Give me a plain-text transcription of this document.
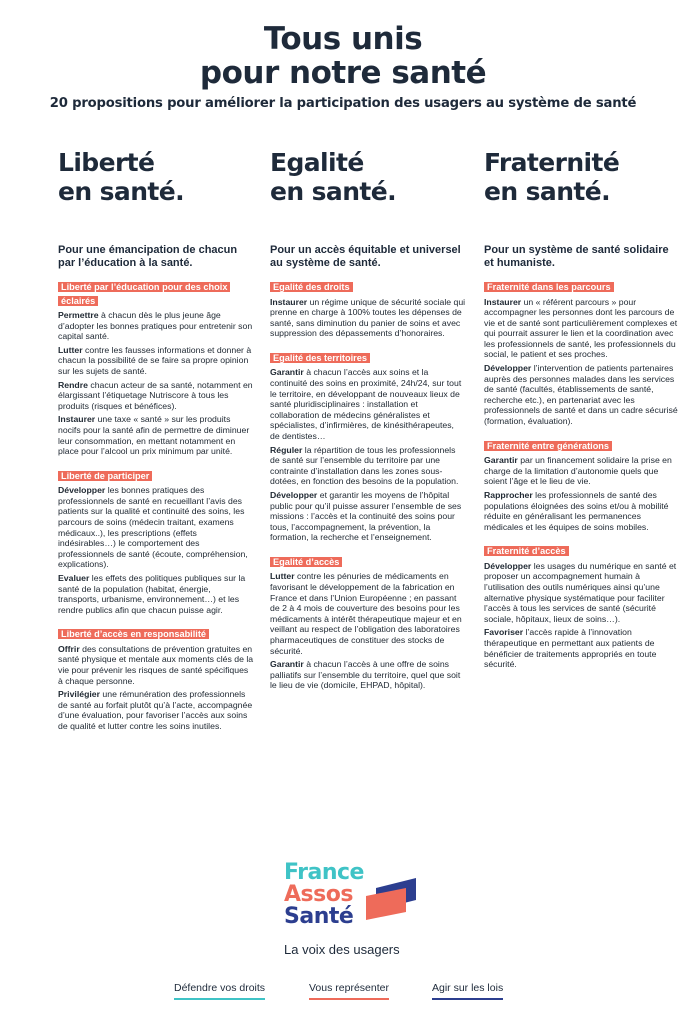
Tous unis
pour notre santé
20 propositions pour améliorer la participation des usagers au système de santé
Liberté
en santé.
Pour une émancipation de chacun par l’éducation à la santé.
Liberté par l’éducation pour des choix éclairés
Permettre à chacun dès le plus jeune âge d’adopter les bonnes pratiques pour entretenir son capital santé.
Lutter contre les fausses informations et donner à chacun la possibilité de se faire sa propre opinion sur les sujets de santé.
Rendre chacun acteur de sa santé, notamment en élargissant l’étiquetage Nutriscore à tous les produits (risques et bénéfices).
Instaurer une taxe « santé » sur les produits nocifs pour la santé afin de permettre de diminuer leur consommation, en mettant notamment en place pour l’alcool un prix minimum par unité.
Liberté de participer
Développer les bonnes pratiques des professionnels de santé en recueillant l’avis des patients sur la qualité et continuité des soins, les parcours de soins (médecin traitant, examens médicaux..), les prescriptions (effets indésirables…) le comportement des professionnels de santé (écoute, compréhension, explications).
Evaluer les effets des politiques publiques sur la santé de la population (habitat, énergie, transports, urbanisme, environnement…) et les rendre publics afin que chacun puisse agir.
Liberté d’accès en responsabilité
Offrir des consultations de prévention gratuites en santé physique et mentale aux moments clés de la vie pour prévenir les risques de santé spécifiques à chaque personne.
Privilégier une rémunération des professionnels de santé au forfait plutôt qu’à l’acte, accompagnée d’une évaluation, pour favoriser l’accès aux soins de qualité et lutter contre les soins inutiles.
Egalité
en santé.
Pour un accès équitable et universel au système de santé.
Egalité des droits
Instaurer un régime unique de sécurité sociale qui prenne en charge à 100% toutes les dépenses de santé, sans diminution du panier de soins et avec suppression des dépassements d’honoraires.
Egalité des territoires
Garantir à chacun l’accès aux soins et la continuité des soins en proximité, 24h/24, sur tout le territoire, en développant de nouveaux lieux de santé pluridisciplinaires : installation et collaboration de médecins généralistes et spécialistes, d’infirmières, de kinésithérapeutes, de dentistes…
Réguler la répartition de tous les professionnels de santé sur l’ensemble du territoire par une contrainte d’installation dans les zones sous-dotées, en fonction des besoins de la population.
Développer et garantir les moyens de l’hôpital public pour qu’il puisse assurer l’ensemble de ses missions : l’accès et la continuité des soins pour tous, l’accompagnement, la prévention, la formation, la recherche et l’enseignement.
Egalité d’accès
Lutter contre les pénuries de médicaments en favorisant le développement de la fabrication en France et dans l’Union Européenne ; en passant de 2 à 4 mois de couverture des besoins pour les médicaments à intérêt thérapeutique majeur et en veillant au respect de l’obligation des laboratoires pharmaceutiques de constituer des stocks de sécurité.
Garantir à chacun l’accès à une offre de soins palliatifs sur l’ensemble du territoire, quel que soit le lieu de vie (domicile, EHPAD, hôpital).
Fraternité
en santé.
Pour un système de santé solidaire et humaniste.
Fraternité dans les parcours
Instaurer un « référent parcours » pour accompagner les personnes dont les parcours de vie et de santé sont particulièrement complexes et qui pourrait assurer le lien et la coordination avec les professionnels de santé, les professionnels du social, le patient et ses proches.
Développer l’intervention de patients partenaires auprès des personnes malades dans les services de santé (facultés, établissements de santé, recherche etc.), en partenariat avec les professionnels de santé et dans un cadre sécurisé (formation, évaluation).
Fraternité entre générations
Garantir par un financement solidaire la prise en charge de la limitation d’autonomie quels que soient l’âge et le lieu de vie.
Rapprocher les professionnels de santé des populations éloignées des soins et/ou à mobilité réduite en généralisant les permanences médicales et les équipes de soins mobiles.
Fraternité d’accès
Développer les usages du numérique en santé et proposer un accompagnement humain à l’utilisation des outils numériques ainsi qu’une alternative physique systématique pour faciliter l’accès à tous les services de santé (sécurité sociale, hôpitaux, lieux de soins…).
Favoriser l’accès rapide à l’innovation thérapeutique en permettant aux patients de bénéficier de traitements appropriés en toute sécurité.
France
Assos
Santé
La voix des usagers
Défendre vos droits	Vous représenter	Agir sur les lois
